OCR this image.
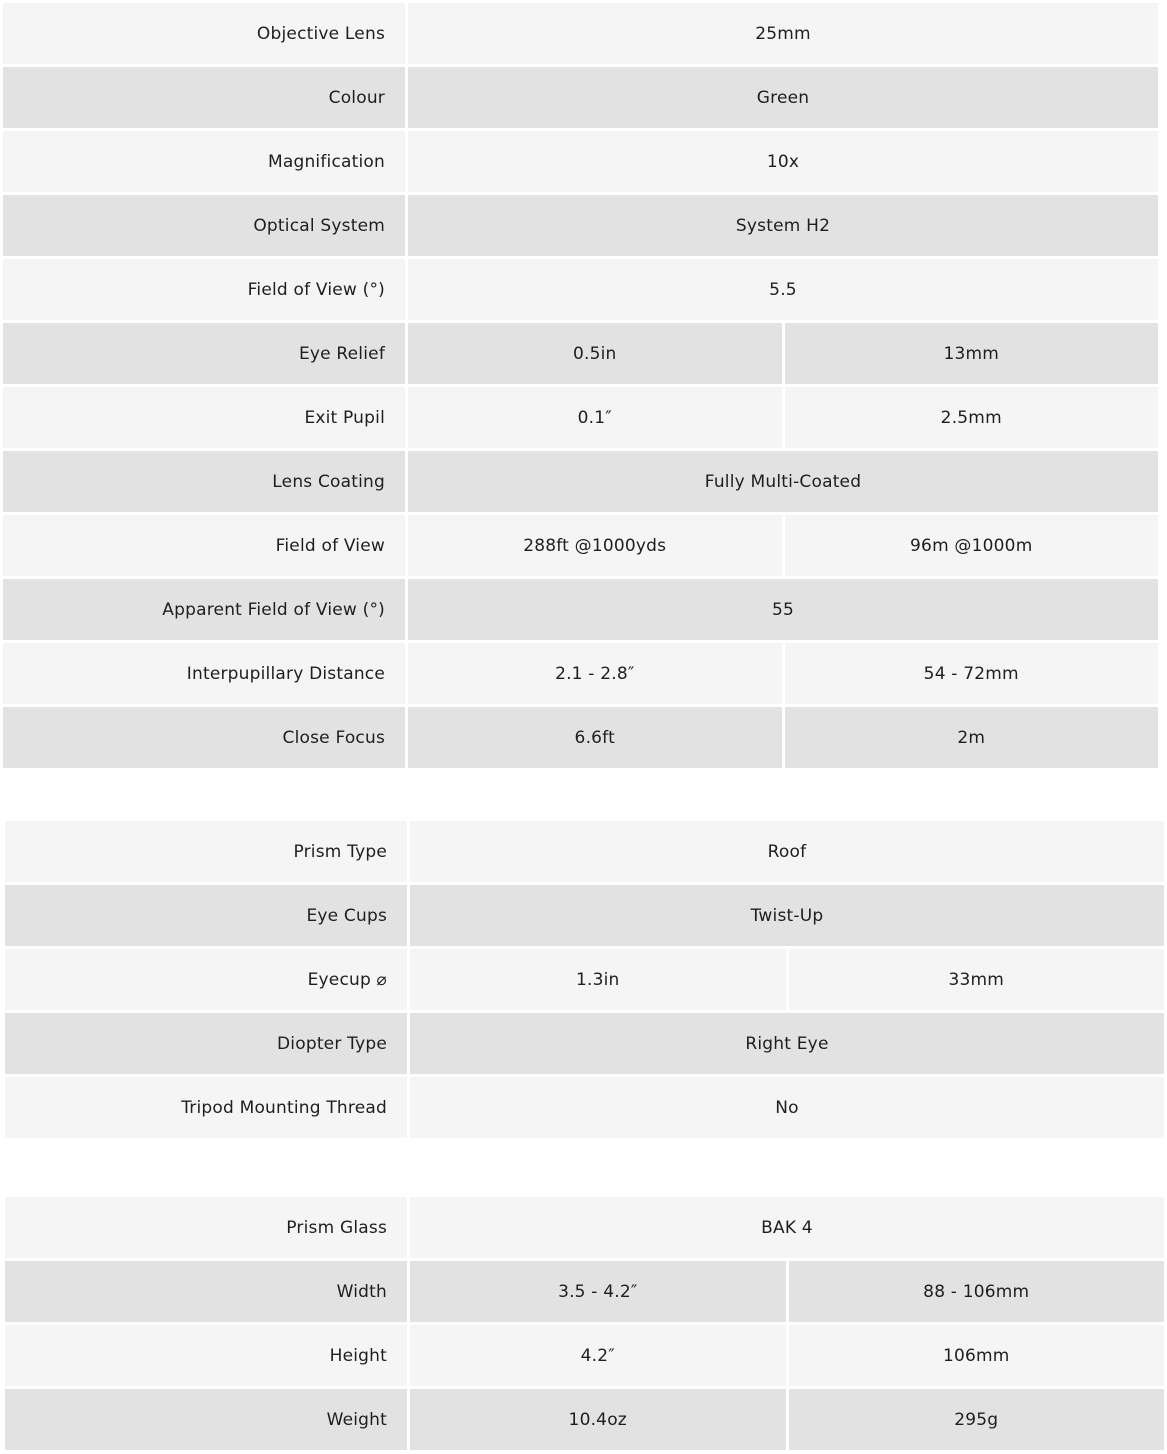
Objective Lens	25mm	
Colour	Green	
Magnification	10x	
Optical System	System H2	
Field of View (°)	5.5	
Eye Relief	0.5in	13mm
Exit Pupil	0.1″	2.5mm
Lens Coating	Fully Multi-Coated	
Field of View	288ft @1000yds	96m @1000m
Apparent Field of View (°)	55	
Interpupillary Distance	2.1 - 2.8″	54 - 72mm
Close Focus	6.6ft	2m
Prism Type	Roof	
Eye Cups	Twist-Up	
Eyecup ⌀	1.3in	33mm
Diopter Type	Right Eye	
Tripod Mounting Thread	No	
Prism Glass	BAK 4	
Width	3.5 - 4.2″	88 - 106mm
Height	4.2″	106mm
Weight	10.4oz	295g
